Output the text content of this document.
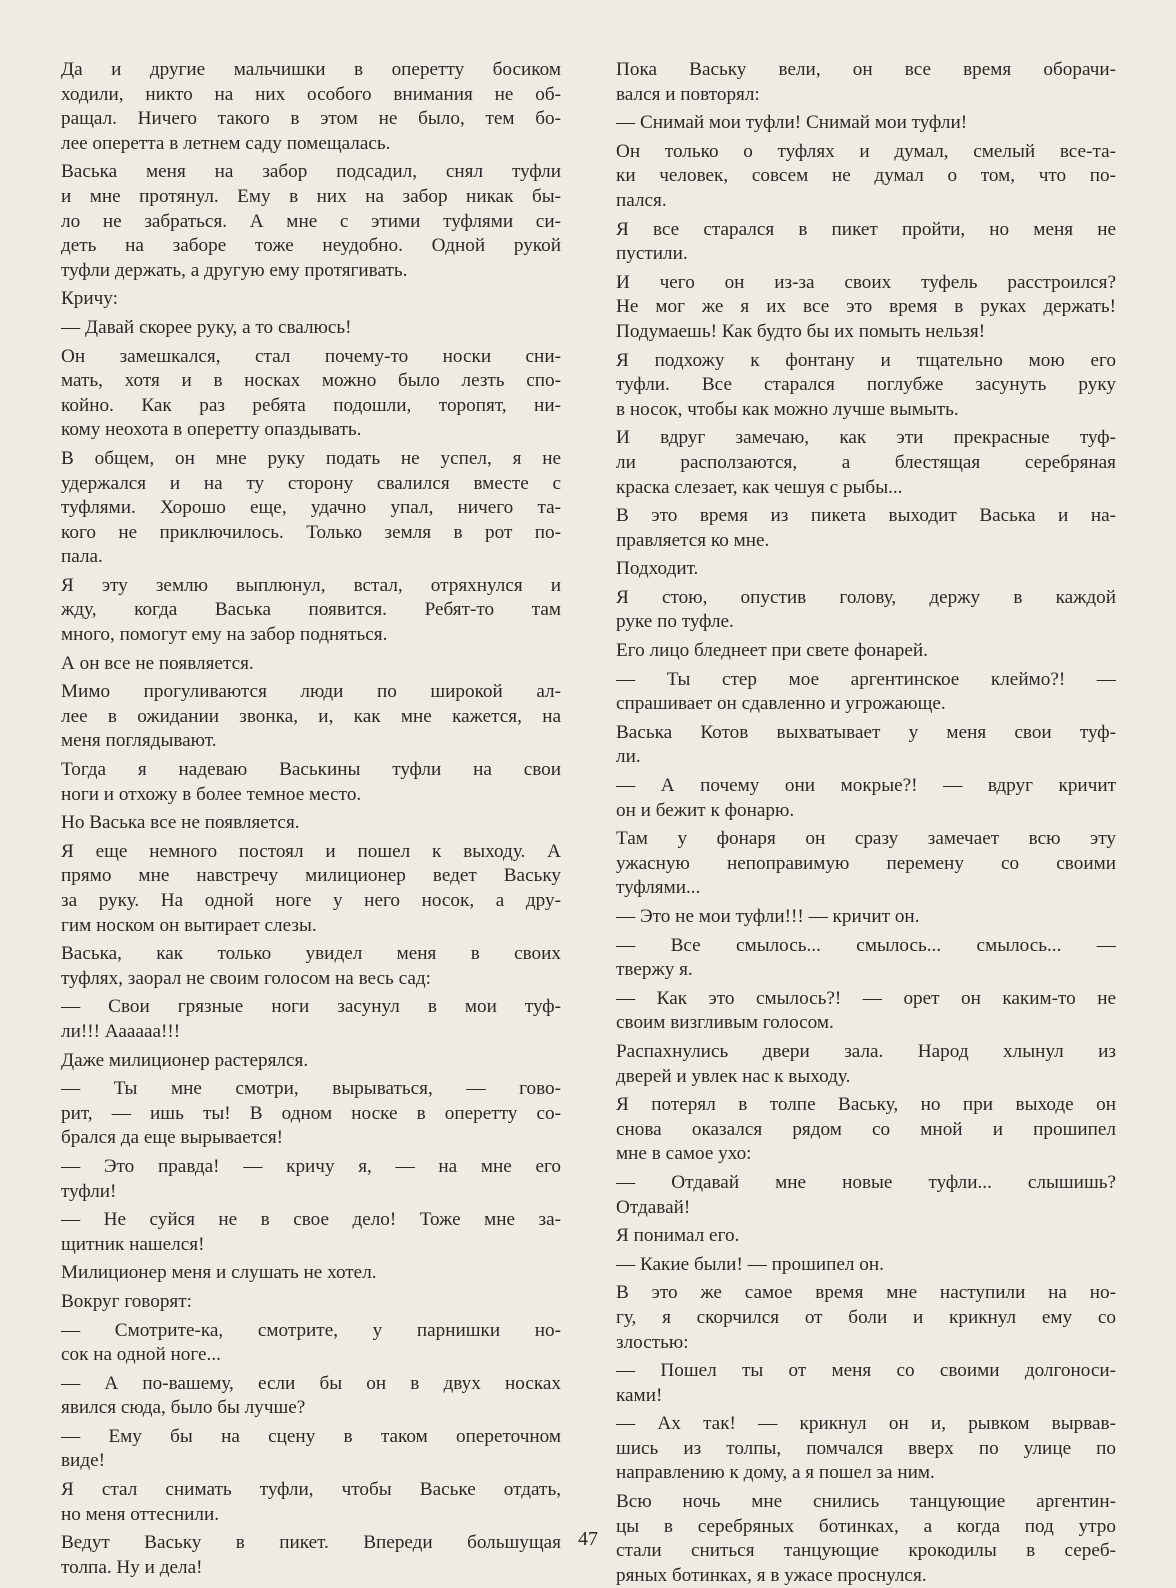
Да и другие мальчишки в оперетту босиком
ходили, никто на них особого внимания не об-
ращал. Ничего такого в этом не было, тем бо-
лее оперетта в летнем саду помещалась.

Васька меня на забор подсадил, снял туфли
и мне протянул. Ему в них на забор никак бы-
ло не забраться. А мне с этими туфлями си-
деть на заборе тоже неудобно. Одной рукой
туфли держать, а другую ему протягивать.

Кричу:

— Давай скорее руку, а то свалюсь!

Он замешкался, стал почему-то носки сни-
мать, хотя и в носках можно было лезть спо-
койно. Как раз ребята подошли, торопят, ни-
кому неохота в оперетту опаздывать.

В общем, он мне руку подать не успел, я не
удержался и на ту сторону свалился вместе с
туфлями. Хорошо еще, удачно упал, ничего та-
кого не приключилось. Только земля в рот по-
пала.

Я эту землю выплюнул, встал, отряхнулся и
жду, когда Васька появится. Ребят-то там
много, помогут ему на забор подняться.

А он все не появляется.

Мимо прогуливаются люди по широкой ал-
лее в ожидании звонка, и, как мне кажется, на
меня поглядывают.

Тогда я надеваю Васькины туфли на свои
ноги и отхожу в более темное место.

Но Васька все не появляется.

Я еще немного постоял и пошел к выходу. А
прямо мне навстречу милиционер ведет Ваську
за руку. На одной ноге у него носок, а дру-
гим носком он вытирает слезы.

Васька, как только увидел меня в своих
туфлях, заорал не своим голосом на весь сад:

— Свои грязные ноги засунул в мои туф-
ли!!! Аааааа!!!

Даже милиционер растерялся.

— Ты мне смотри, вырываться, — гово-
рит, — ишь ты! В одном носке в оперетту со-
брался да еще вырывается!

— Это правда! — кричу я, — на мне его
туфли!

— Не суйся не в свое дело! Тоже мне за-
щитник нашелся!

Милиционер меня и слушать не хотел.

Вокруг говорят:

— Смотрите-ка, смотрите, у парнишки но-
сок на одной ноге...

— А по-вашему, если бы он в двух носках
явился сюда, было бы лучше?

— Ему бы на сцену в таком опереточном
виде!

Я стал снимать туфли, чтобы Ваське отдать,
но меня оттеснили.

Ведут Ваську в пикет. Впереди большущая
толпа. Ну и дела!

Пока Ваську вели, он все время оборачи-
вался и повторял:

— Снимай мои туфли! Снимай мои туфли!

Он только о туфлях и думал, смелый все-та-
ки человек, совсем не думал о том, что по-
пался.

Я все старался в пикет пройти, но меня не
пустили.

И чего он из-за своих туфель расстроился?
Не мог же я их все это время в руках держать!
Подумаешь! Как будто бы их помыть нельзя!

Я подхожу к фонтану и тщательно мою его
туфли. Все старался поглубже засунуть руку
в носок, чтобы как можно лучше вымыть.

И вдруг замечаю, как эти прекрасные туф-
ли расползаются, а блестящая серебряная
краска слезает, как чешуя с рыбы...

В это время из пикета выходит Васька и на-
правляется ко мне.

Подходит.

Я стою, опустив голову, держу в каждой
руке по туфле.

Его лицо бледнеет при свете фонарей.

— Ты стер мое аргентинское клеймо?! —
спрашивает он сдавленно и угрожающе.

Васька Котов выхватывает у меня свои туф-
ли.

— А почему они мокрые?! — вдруг кричит
он и бежит к фонарю.

Там у фонаря он сразу замечает всю эту
ужасную непоправимую перемену со своими
туфлями...

— Это не мои туфли!!! — кричит он.

— Все смылось... смылось... смылось... —
твержу я.

— Как это смылось?! — орет он каким-то не
своим визгливым голосом.

Распахнулись двери зала. Народ хлынул из
дверей и увлек нас к выходу.

Я потерял в толпе Ваську, но при выходе он
снова оказался рядом со мной и прошипел
мне в самое ухо:

— Отдавай мне новые туфли... слышишь?
Отдавай!

Я понимал его.

— Какие были! — прошипел он.

В это же самое время мне наступили на но-
гу, я скорчился от боли и крикнул ему со
злостью:

— Пошел ты от меня со своими долгоноси-
ками!

— Ах так! — крикнул он и, рывком вырвав-
шись из толпы, помчался вверх по улице по
направлению к дому, а я пошел за ним.

Всю ночь мне снились танцующие аргентин-
цы в серебряных ботинках, а когда под утро
стали сниться танцующие крокодилы в сереб-
ряных ботинках, я в ужасе проснулся.

47
